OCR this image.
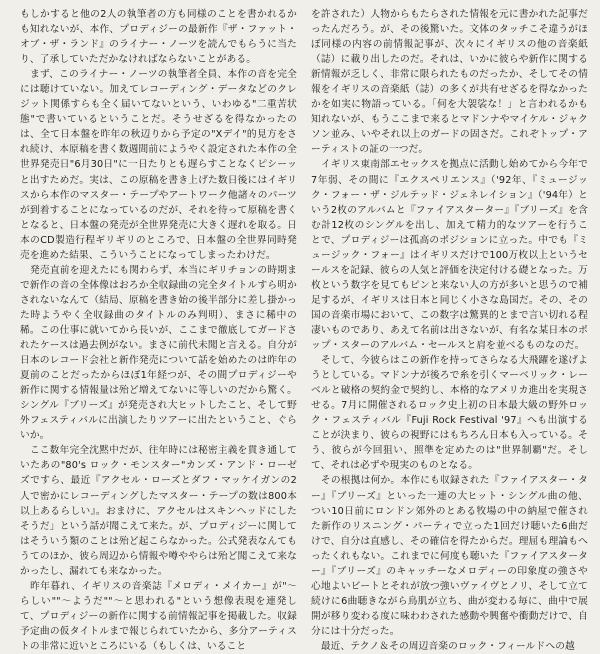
もしかすると他の2人の執筆者の方も同様のことを書かれるかも知れないが、本作、プロディジーの最新作『ザ・ファット・オブ・ザ・ランド』のライナー・ノーツを読んでもらうに当たり、了承していただかなければならないことがある。

　まず、このライナー・ノーツの執筆者全員、本作の音を完全には聴けていない。加えてレコーディング・データなどのクレジット関係すらも全く届いてないという、いわゆる"二重苦状態"で書いているということだ。そうせざるを得なかったのは、全て日本盤を昨年の秋辺りから予定の"Xデイ"的見方をされ続け、本原稿を書く数週間前にようやく設定された本作の全世界発売日"6月30日"に一日たりとも遅らすことなくピシーッと出すためだ。実は、この原稿を書き上げた数日後にはイギリスから本作のマスター・テープやアートワーク他諸々のパーツが到着することになっているのだが、それを待って原稿を書くとなると、日本盤の発売が全世界発売に大きく遅れを取る。日本のCD製造行程ギリギリのところで、日本盤の全世界同時発売を進めた結果、こういうことになってしまったわけだ。

　発売直前を迎えたにも関わらず、本当にギリチョンの時期まで新作の音の全体像はおろか全収録曲の完全タイトルすら明かされないなんて（結局、原稿を書き始の後半部分に差し掛かった時ようやく全収録曲のタイトルのみ判明）、まさに稀中の稀。この仕事に就いてから長いが、ここまで徹底してガードされたケースは過去例がない。まさに前代未聞と言える。自分が日本のレコード会社と新作発売について話を始めたのは昨年の夏前のことだったからほぼ1年経つが、その間プロディジーや新作に関する情報量は殆ど増えてないに等しいのだから驚く。シングル『ブリーズ』が発売され大ヒットしたこと、そして野外フェスティバルに出演したりツアーに出たということ、ぐらいか。

　ここ数年完全沈黙中だが、往年時には秘密主義を貫き通していたあの"80's ロック・モンスター"カンズ・アンド・ローゼズですら、最近『アクセル・ローズとダフ・マッケイガンの2人で密かにレコーディングしたマスター・テープの数は800本以上あるらしい』。おまけに、アクセルはスキンヘッドにしたそうだ」という話が聞こえて来た。が、プロディジーに関してはそういう類のことは殆ど起こらなかった。公式発表なんてもうてのほか、彼ら周辺から情報や噂ややらは殆ど聞こえて来なかったし、漏れても来なかった。

　昨年暮れ、イギリスの音楽誌『メロディ・メイカー』が"〜らしい""〜ようだ""〜と思われる"という想像表現を連発して、プロディジーの新作に関する前情報記事を掲載した。収録予定曲の仮タイトルまで報じられていたから、多分アーティストの非常に近いところにいる（もしくは、いること

を許された）人物からもたらされた情報を元に書かれた記事だったんだろう。が、その後驚いた。文体のタッチこそ違うがほぼ同様の内容の前情報記事が、次々にイギリスの他の音楽紙（誌）に載り出したのだ。それは、いかに彼らや新作に関する新情報が乏しく、非常に限られたものだったか、そしてその情報をイギリスの音楽紙（誌）の多くが共有せざるを得なかったかを如実に物語っている。「何を大袈裟な！」と言われるかも知れないが、もうここまで来るとマドンナやマイケル・ジャクソン並み、いやそれ以上のガードの固さだ。これぞトップ・アーティストの証の一つだ。

　イギリス東南部エセックスを拠点に活動し始めてから今年で7年弱、その間に『エクスペリエンス』（'92年、『ミュージック・フォー・ザ・ジルテッド・ジェネレイション』（'94年）という2枚のアルバムと『ファイアスターター』『ブリーズ』を含む計12枚のシングルを出し、加えて精力的なツアーを行うことで、プロディジーは孤高のポジションに立った。中でも『ミュージック・フォー』はイギリスだけで100万枚以上というセールスを記録、彼らの人気と評価を決定付ける礎となった。万枚という数字を見てもピンと来ない人の方が多いと思うので補足するが、イギリスは日本と同じく小さな島国だ。その、その国の音楽市場において、この数字は驚異的とまで言い切れる程凄いものであり、あえて名前は出さないが、有名な某日本のポップ・スターのアルバム・セールスと肩を並べるものなのだ。

　そして、今彼らはこの新作を持ってさらなる大飛躍を遂げようとしている。マドンナが後ろで糸を引くマーベリック・レーベルと破格の契約金で契約し、本格的なアメリカ進出を実現させる。7月に開催されるロック史上初の日本最大級の野外ロック・フェスティバル『Fuji Rock Festival '97』へも出演することが決まり、彼らの視野にはもちろん日本も入っている。そう、彼らが今回狙い、照準を定めたのは"世界制覇"だ。そして、それは必ずや現実のものとなる。

　その根拠は何か。本作にも収録された『ファイアスター・ター』『ブリーズ』といった一連の大ヒット・シングル曲の他、つい10日前にロンドン郊外のとある牧場の中の納屋で催された新作のリスニング・パーティで立った1回だけ聴いた6曲だけで、自分は直感し、その確信を得たからだ。理屈も理論もへったくれもない。これまでに何度も聴いた『ファイアスターター』『ブリーズ』のキャッチーなメロディーの印象度の強さや心地よいビートとそれが放つ強いヴァイヴとノリ、そして立て続けに6曲聴きながら鳥肌が立ち、曲が変わる毎に、曲中で展開が移り変わる度に味わわされた感動や興奮や衝動だけで、自分には十分だった。

　最近、テクノ＆その周辺音楽のロック・フィールドへの越
